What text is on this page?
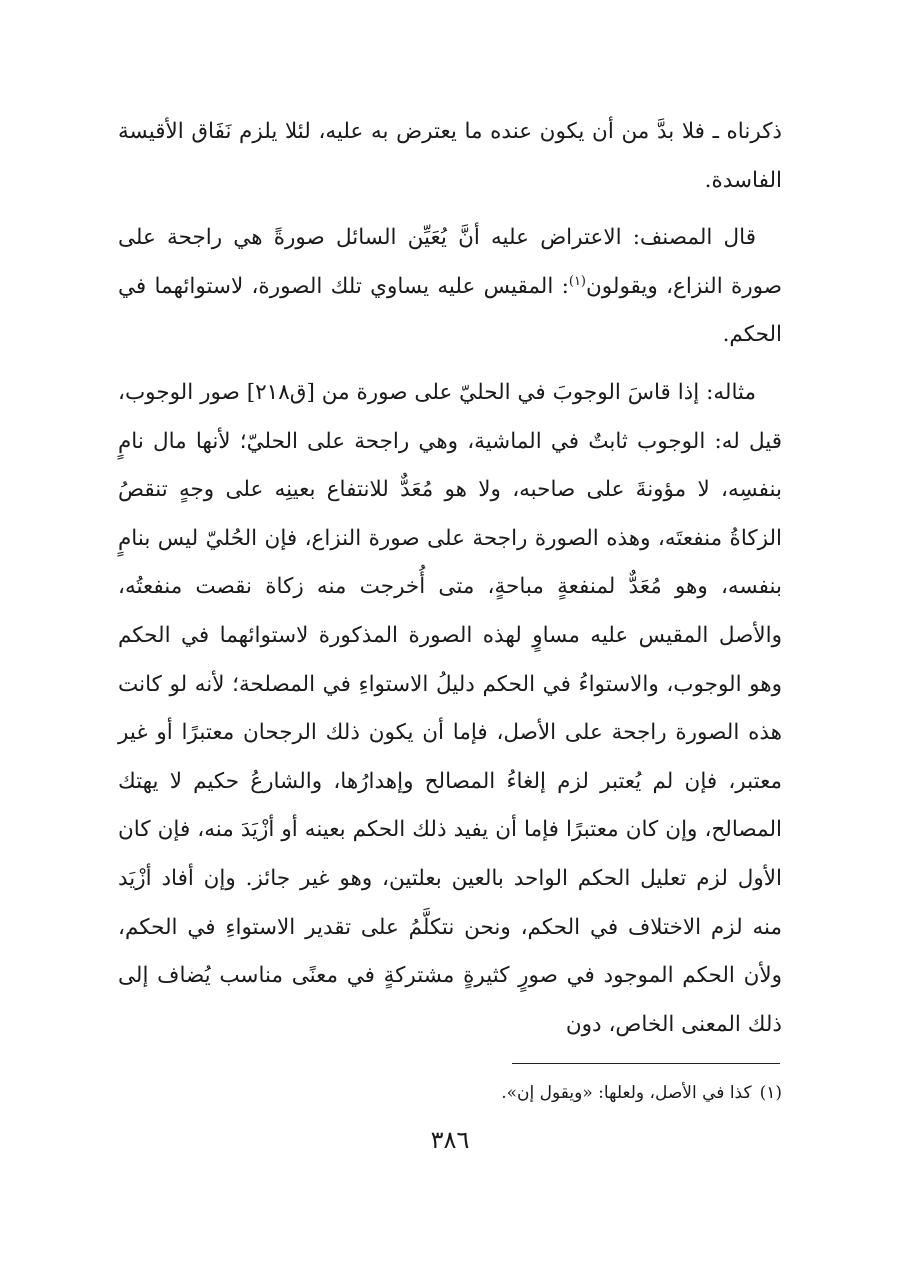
ذكرناه ـ فلا بدَّ من أن يكون عنده ما يعترض به عليه، لئلا يلزم نَفَاق الأقيسة الفاسدة.

قال المصنف: الاعتراض عليه أنَّ يُعَيِّن السائل صورةً هي راجحة على صورة النزاع، ويقولون$^{(١)}$: المقيس عليه يساوي تلك الصورة، لاستوائهما في الحكم.

مثاله: إذا قاسَ الوجوبَ في الحليّ على صورة من [ق٢١٨] صور الوجوب، قيل له: الوجوب ثابتٌ في الماشية، وهي راجحة على الحليّ؛ لأنها مال نامٍ بنفسِه، لا مؤونةَ على صاحبه، ولا هو مُعَدٌّ للانتفاع بعينِه على وجهٍ تنقصُ الزكاةُ منفعتَه، وهذه الصورة راجحة على صورة النزاع، فإن الحُليّ ليس بنامٍ بنفسه، وهو مُعَدٌّ لمنفعةٍ مباحةٍ، متى أُخرجت منه زكاة نقصت منفعتُه، والأصل المقيس عليه مساوٍ لهذه الصورة المذكورة لاستوائهما في الحكم وهو الوجوب، والاستواءُ في الحكم دليلُ الاستواءِ في المصلحة؛ لأنه لو كانت هذه الصورة راجحة على الأصل، فإما أن يكون ذلك الرجحان معتبرًا أو غير معتبر، فإن لم يُعتبر لزم إلغاءُ المصالح وإهدارُها، والشارعُ حكيم لا يهتك المصالح، وإن كان معتبرًا فإما أن يفيد ذلك الحكم بعينه أو أزْيَدَ منه، فإن كان الأول لزم تعليل الحكم الواحد بالعين بعلتين، وهو غير جائز. وإن أفاد أزْيَد منه لزم الاختلاف في الحكم، ونحن نتكلَّمُ على تقدير الاستواءِ في الحكم، ولأن الحكم الموجود في صورٍ كثيرةٍ مشتركةٍ في معنًى مناسب يُضاف إلى ذلك المعنى الخاص، دون

(١)كذا في الأصل، ولعلها: «ويقول إن».
٣٨٦
